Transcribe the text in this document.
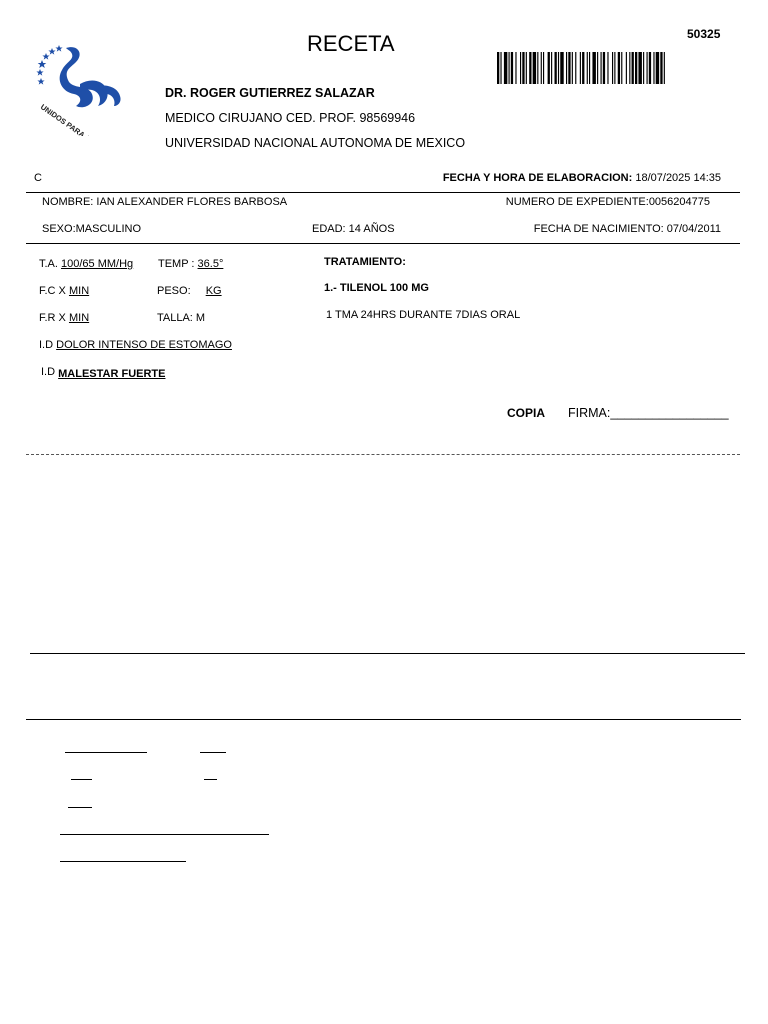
UNIDOS PARA AYUDAR
RECETA	50325
DR. ROGER GUTIERREZ SALAZAR
MEDICO CIRUJANO CED. PROF. 98569946
UNIVERSIDAD NACIONAL AUTONOMA DE MEXICO
C	FECHA Y HORA DE ELABORACION: 18/07/2025 14:35
NOMBRE: IAN ALEXANDER FLORES BARBOSA	NUMERO DE EXPEDIENTE:0056204775
SEXO:MASCULINO	EDAD: 14 AÑOS	FECHA DE NACIMIENTO: 07/04/2011
T.A. 100/65 MM/Hg TEMP : 36.5°
F.C X MIN	PESO: KG
F.R X MIN	TALLA: M
I.D DOLOR INTENSO DE ESTOMAGO
I.D MALESTAR FUERTE
TRATAMIENTO:
1.- TILENOL 100 MG
1 TMA 24HRS DURANTE 7DIAS ORAL
COPIA FIRMA:_________________
